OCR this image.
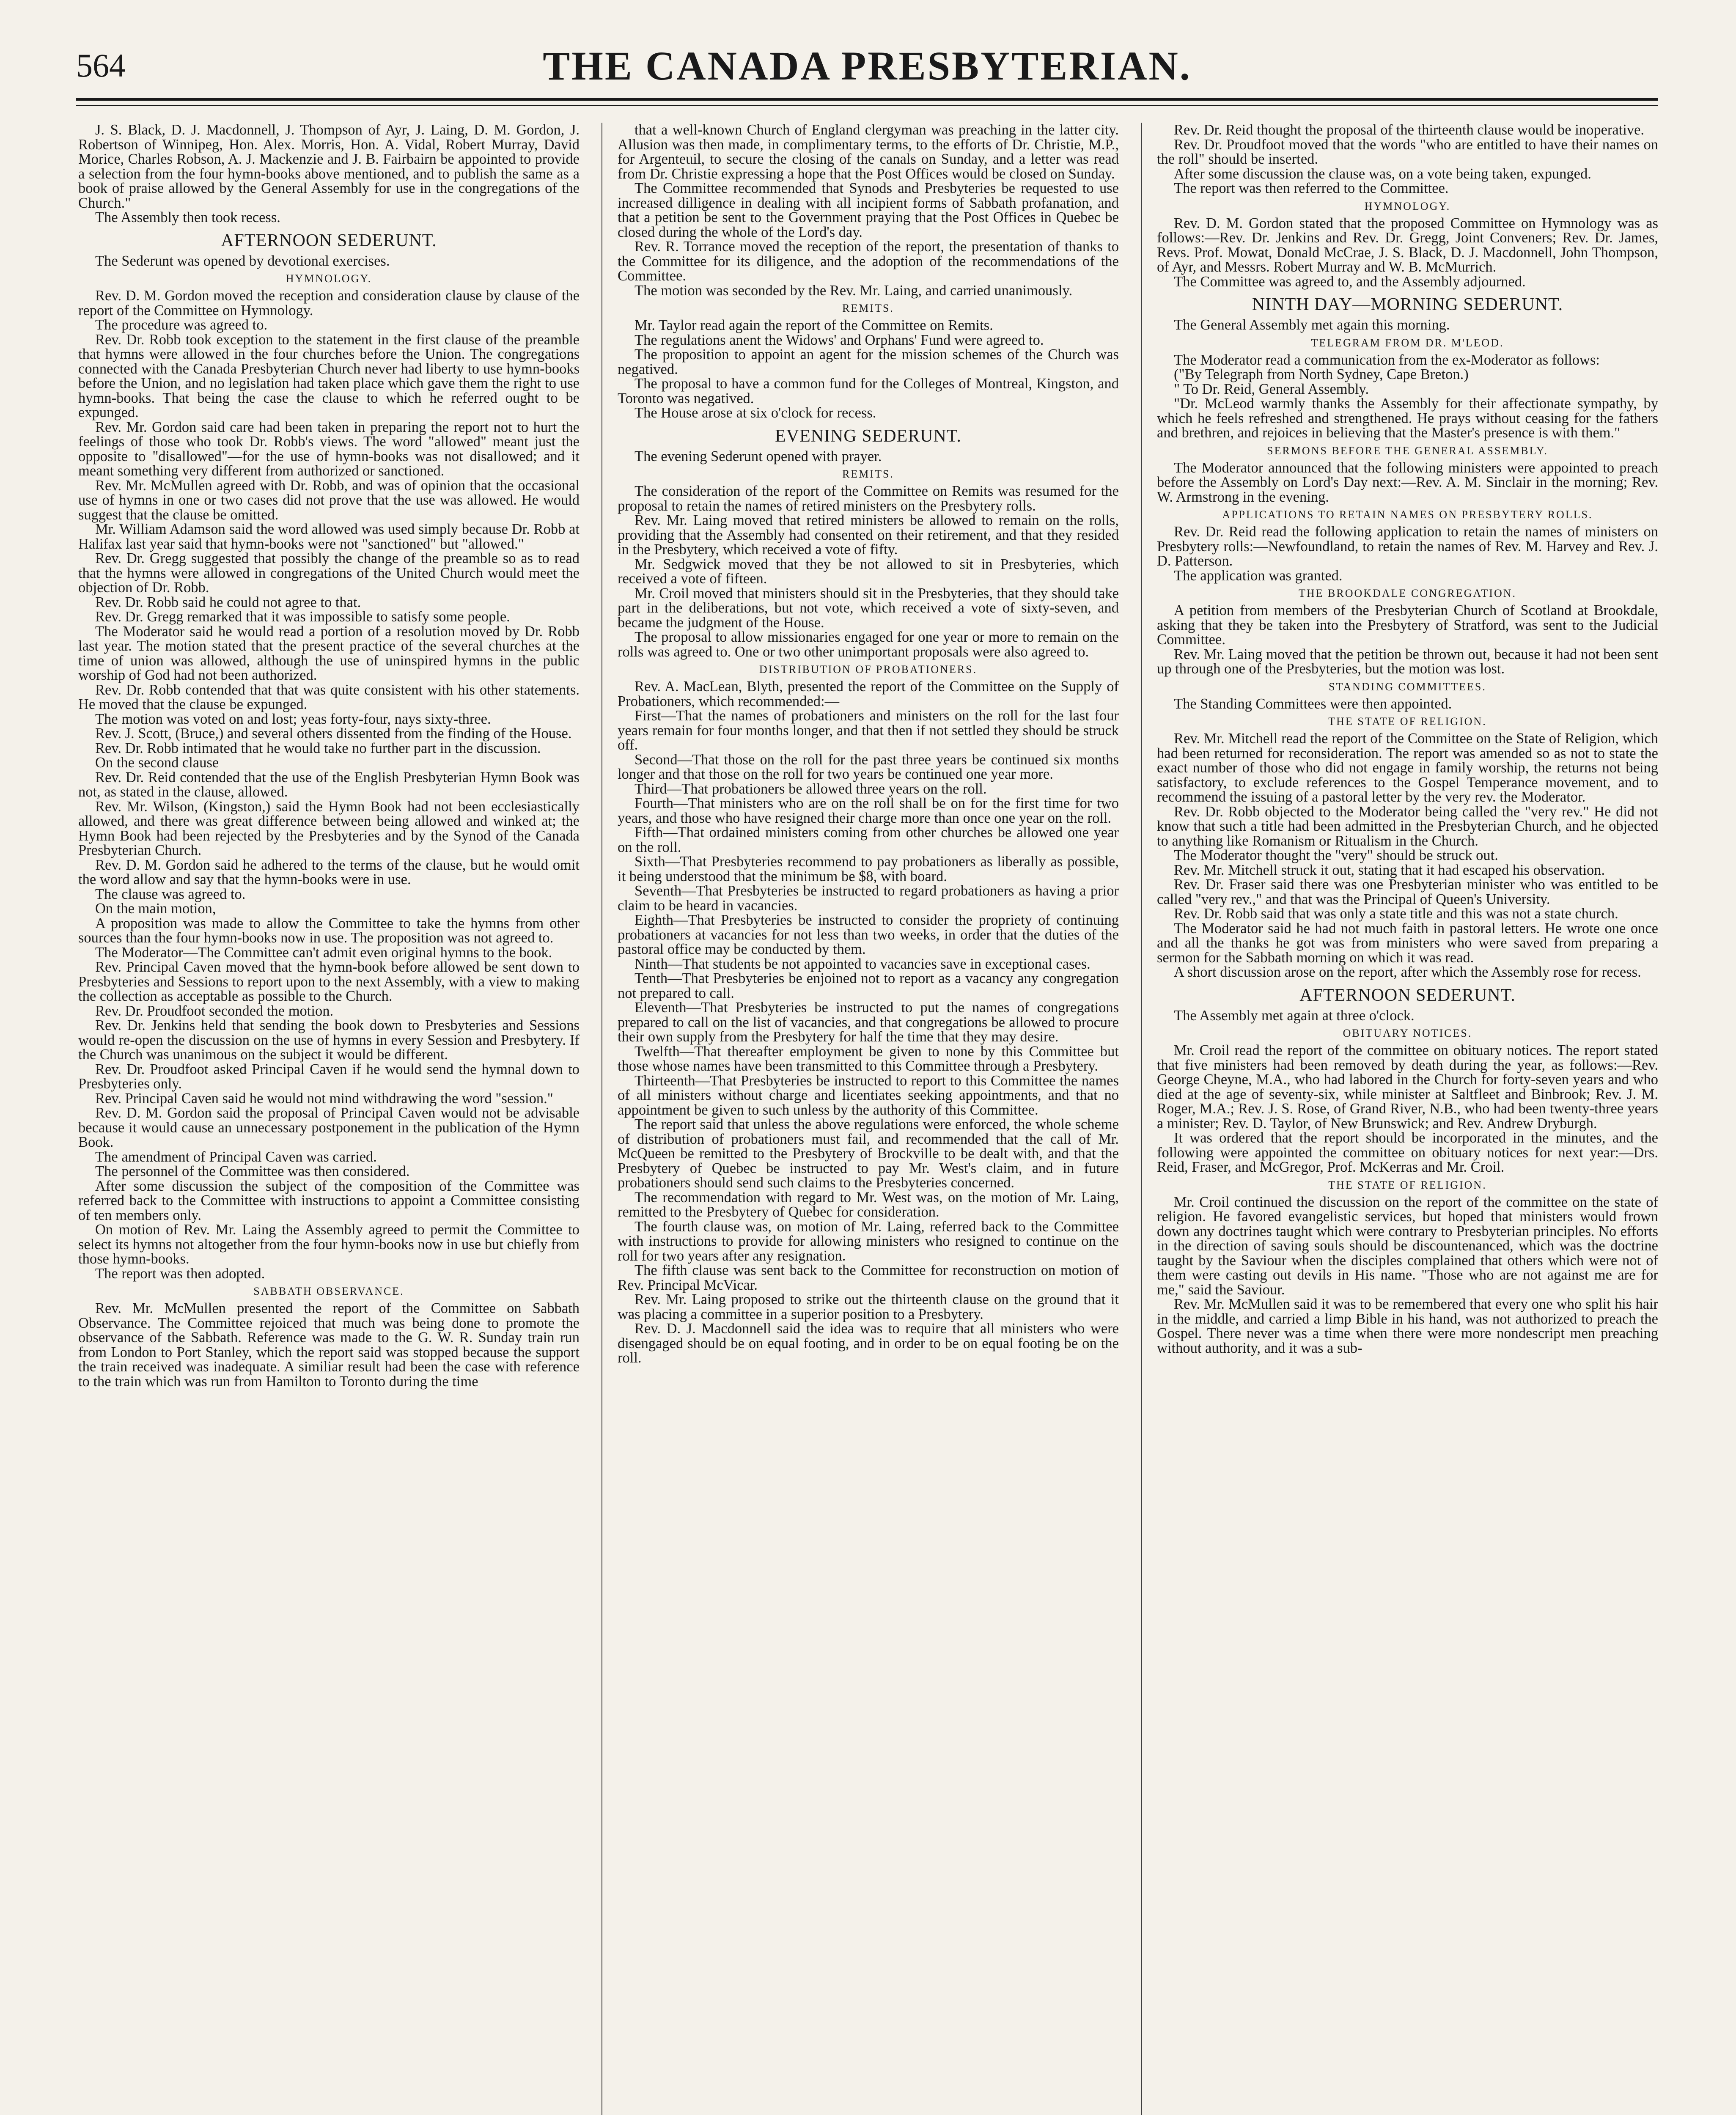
564	THE CANADA PRESBYTERIAN.

J. S. Black, D. J. Macdonnell, J. Thompson of Ayr, J. Laing, D. M. Gordon, J. Robertson of Winnipeg, Hon. Alex. Morris, Hon. A. Vidal, Robert Murray, David Morice, Charles Robson, A. J. Mackenzie and J. B. Fairbairn be appointed to provide a selection from the four hymn-books above mentioned, and to publish the same as a book of praise allowed by the General Assembly for use in the congregations of the Church."

The Assembly then took recess.

AFTERNOON SEDERUNT.

The Sederunt was opened by devotional exercises.

HYMNOLOGY.

Rev. D. M. Gordon moved the reception and consideration clause by clause of the report of the Committee on Hymnology.

The procedure was agreed to.

Rev. Dr. Robb took exception to the statement in the first clause of the preamble that hymns were allowed in the four churches before the Union. The congregations connected with the Canada Presbyterian Church never had liberty to use hymn-books before the Union, and no legislation had taken place which gave them the right to use hymn-books. That being the case the clause to which he referred ought to be expunged.

Rev. Mr. Gordon said care had been taken in preparing the report not to hurt the feelings of those who took Dr. Robb's views. The word "allowed" meant just the opposite to "disallowed"—for the use of hymn-books was not disallowed; and it meant something very different from authorized or sanctioned.

Rev. Mr. McMullen agreed with Dr. Robb, and was of opinion that the occasional use of hymns in one or two cases did not prove that the use was allowed. He would suggest that the clause be omitted.

Mr. William Adamson said the word allowed was used simply because Dr. Robb at Halifax last year said that hymn-books were not "sanctioned" but "allowed."

Rev. Dr. Gregg suggested that possibly the change of the preamble so as to read that the hymns were allowed in congregations of the United Church would meet the objection of Dr. Robb.

Rev. Dr. Robb said he could not agree to that.

Rev. Dr. Gregg remarked that it was impossible to satisfy some people.

The Moderator said he would read a portion of a resolution moved by Dr. Robb last year. The motion stated that the present practice of the several churches at the time of union was allowed, although the use of uninspired hymns in the public worship of God had not been authorized.

Rev. Dr. Robb contended that that was quite consistent with his other statements. He moved that the clause be expunged.

The motion was voted on and lost; yeas forty-four, nays sixty-three.

Rev. J. Scott, (Bruce,) and several others dissented from the finding of the House.

Rev. Dr. Robb intimated that he would take no further part in the discussion.

On the second clause

Rev. Dr. Reid contended that the use of the English Presbyterian Hymn Book was not, as stated in the clause, allowed.

Rev. Mr. Wilson, (Kingston,) said the Hymn Book had not been ecclesiastically allowed, and there was great difference between being allowed and winked at; the Hymn Book had been rejected by the Presbyteries and by the Synod of the Canada Presbyterian Church.

Rev. D. M. Gordon said he adhered to the terms of the clause, but he would omit the word allow and say that the hymn-books were in use.

The clause was agreed to.

On the main motion,

A proposition was made to allow the Committee to take the hymns from other sources than the four hymn-books now in use. The proposition was not agreed to.

The Moderator—The Committee can't admit even original hymns to the book.

Rev. Principal Caven moved that the hymn-book before allowed be sent down to Presbyteries and Sessions to report upon to the next Assembly, with a view to making the collection as acceptable as possible to the Church.

Rev. Dr. Proudfoot seconded the motion.

Rev. Dr. Jenkins held that sending the book down to Presbyteries and Sessions would re-open the discussion on the use of hymns in every Session and Presbytery. If the Church was unanimous on the subject it would be different.

Rev. Dr. Proudfoot asked Principal Caven if he would send the hymnal down to Presbyteries only.

Rev. Principal Caven said he would not mind withdrawing the word "session."

Rev. D. M. Gordon said the proposal of Principal Caven would not be advisable because it would cause an unnecessary postponement in the publication of the Hymn Book.

The amendment of Principal Caven was carried.

The personnel of the Committee was then considered.

After some discussion the subject of the composition of the Committee was referred back to the Committee with instructions to appoint a Committee consisting of ten members only.

On motion of Rev. Mr. Laing the Assembly agreed to permit the Committee to select its hymns not altogether from the four hymn-books now in use but chiefly from those hymn-books.

The report was then adopted.

SABBATH OBSERVANCE.

Rev. Mr. McMullen presented the report of the Committee on Sabbath Observance. The Committee rejoiced that much was being done to promote the observance of the Sabbath. Reference was made to the G. W. R. Sunday train run from London to Port Stanley, which the report said was stopped because the support the train received was inadequate. A similiar result had been the case with reference to the train which was run from Hamilton to Toronto during the time

that a well-known Church of England clergyman was preaching in the latter city. Allusion was then made, in complimentary terms, to the efforts of Dr. Christie, M.P., for Argenteuil, to secure the closing of the canals on Sunday, and a letter was read from Dr. Christie expressing a hope that the Post Offices would be closed on Sunday.

The Committee recommended that Synods and Presbyteries be requested to use increased dilligence in dealing with all incipient forms of Sabbath profanation, and that a petition be sent to the Government praying that the Post Offices in Quebec be closed during the whole of the Lord's day.

Rev. R. Torrance moved the reception of the report, the presentation of thanks to the Committee for its diligence, and the adoption of the recommendations of the Committee.

The motion was seconded by the Rev. Mr. Laing, and carried unanimously.

REMITS.

Mr. Taylor read again the report of the Committee on Remits.

The regulations anent the Widows' and Orphans' Fund were agreed to.

The proposition to appoint an agent for the mission schemes of the Church was negatived.

The proposal to have a common fund for the Colleges of Montreal, Kingston, and Toronto was negatived.

The House arose at six o'clock for recess.

EVENING SEDERUNT.

The evening Sederunt opened with prayer.

REMITS.

The consideration of the report of the Committee on Remits was resumed for the proposal to retain the names of retired ministers on the Presbytery rolls.

Rev. Mr. Laing moved that retired ministers be allowed to remain on the rolls, providing that the Assembly had consented on their retirement, and that they resided in the Presbytery, which received a vote of fifty.

Mr. Sedgwick moved that they be not allowed to sit in Presbyteries, which received a vote of fifteen.

Mr. Croil moved that ministers should sit in the Presbyteries, that they should take part in the deliberations, but not vote, which received a vote of sixty-seven, and became the judgment of the House.

The proposal to allow missionaries engaged for one year or more to remain on the rolls was agreed to. One or two other unimportant proposals were also agreed to.

DISTRIBUTION OF PROBATIONERS.

Rev. A. MacLean, Blyth, presented the report of the Committee on the Supply of Probationers, which recommended:—

First—That the names of probationers and ministers on the roll for the last four years remain for four months longer, and that then if not settled they should be struck off.

Second—That those on the roll for the past three years be continued six months longer and that those on the roll for two years be continued one year more.

Third—That probationers be allowed three years on the roll.

Fourth—That ministers who are on the roll shall be on for the first time for two years, and those who have resigned their charge more than once one year on the roll.

Fifth—That ordained ministers coming from other churches be allowed one year on the roll.

Sixth—That Presbyteries recommend to pay probationers as liberally as possible, it being understood that the minimum be $8, with board.

Seventh—That Presbyteries be instructed to regard probationers as having a prior claim to be heard in vacancies.

Eighth—That Presbyteries be instructed to consider the propriety of continuing probationers at vacancies for not less than two weeks, in order that the duties of the pastoral office may be conducted by them.

Ninth—That students be not appointed to vacancies save in exceptional cases.

Tenth—That Presbyteries be enjoined not to report as a vacancy any congregation not prepared to call.

Eleventh—That Presbyteries be instructed to put the names of congregations prepared to call on the list of vacancies, and that congregations be allowed to procure their own supply from the Presbytery for half the time that they may desire.

Twelfth—That thereafter employment be given to none by this Committee but those whose names have been transmitted to this Committee through a Presbytery.

Thirteenth—That Presbyteries be instructed to report to this Committee the names of all ministers without charge and licentiates seeking appointments, and that no appointment be given to such unless by the authority of this Committee.

The report said that unless the above regulations were enforced, the whole scheme of distribution of probationers must fail, and recommended that the call of Mr. McQueen be remitted to the Presbytery of Brockville to be dealt with, and that the Presbytery of Quebec be instructed to pay Mr. West's claim, and in future probationers should send such claims to the Presbyteries concerned.

The recommendation with regard to Mr. West was, on the motion of Mr. Laing, remitted to the Presbytery of Quebec for consideration.

The fourth clause was, on motion of Mr. Laing, referred back to the Committee with instructions to provide for allowing ministers who resigned to continue on the roll for two years after any resignation.

The fifth clause was sent back to the Committee for reconstruction on motion of Rev. Principal McVicar.

Rev. Mr. Laing proposed to strike out the thirteenth clause on the ground that it was placing a committee in a superior position to a Presbytery.

Rev. D. J. Macdonnell said the idea was to require that all ministers who were disengaged should be on equal footing, and in order to be on equal footing be on the roll.

Rev. Dr. Reid thought the proposal of the thirteenth clause would be inoperative.

Rev. Dr. Proudfoot moved that the words "who are entitled to have their names on the roll" should be inserted.

After some discussion the clause was, on a vote being taken, expunged.

The report was then referred to the Committee.

HYMNOLOGY.

Rev. D. M. Gordon stated that the proposed Committee on Hymnology was as follows:—Rev. Dr. Jenkins and Rev. Dr. Gregg, Joint Conveners; Rev. Dr. James, Revs. Prof. Mowat, Donald McCrae, J. S. Black, D. J. Macdonnell, John Thompson, of Ayr, and Messrs. Robert Murray and W. B. McMurrich.

The Committee was agreed to, and the Assembly adjourned.

NINTH DAY—MORNING SEDERUNT.

The General Assembly met again this morning.

TELEGRAM FROM DR. M'LEOD.

The Moderator read a communication from the ex-Moderator as follows:

("By Telegraph from North Sydney, Cape Breton.)

" To Dr. Reid, General Assembly.

"Dr. McLeod warmly thanks the Assembly for their affectionate sympathy, by which he feels refreshed and strengthened. He prays without ceasing for the fathers and brethren, and rejoices in believing that the Master's presence is with them."

SERMONS BEFORE THE GENERAL ASSEMBLY.

The Moderator announced that the following ministers were appointed to preach before the Assembly on Lord's Day next:—Rev. A. M. Sinclair in the morning; Rev. W. Armstrong in the evening.

APPLICATIONS TO RETAIN NAMES ON PRESBYTERY ROLLS.

Rev. Dr. Reid read the following application to retain the names of ministers on Presbytery rolls:—Newfoundland, to retain the names of Rev. M. Harvey and Rev. J. D. Patterson.

The application was granted.

THE BROOKDALE CONGREGATION.

A petition from members of the Presbyterian Church of Scotland at Brookdale, asking that they be taken into the Presbytery of Stratford, was sent to the Judicial Committee.

Rev. Mr. Laing moved that the petition be thrown out, because it had not been sent up through one of the Presbyteries, but the motion was lost.

STANDING COMMITTEES.

The Standing Committees were then appointed.

THE STATE OF RELIGION.

Rev. Mr. Mitchell read the report of the Committee on the State of Religion, which had been returned for reconsideration. The report was amended so as not to state the exact number of those who did not engage in family worship, the returns not being satisfactory, to exclude references to the Gospel Temperance movement, and to recommend the issuing of a pastoral letter by the very rev. the Moderator.

Rev. Dr. Robb objected to the Moderator being called the "very rev." He did not know that such a title had been admitted in the Presbyterian Church, and he objected to anything like Romanism or Ritualism in the Church.

The Moderator thought the "very" should be struck out.

Rev. Mr. Mitchell struck it out, stating that it had escaped his observation.

Rev. Dr. Fraser said there was one Presbyterian minister who was entitled to be called "very rev.," and that was the Principal of Queen's University.

Rev. Dr. Robb said that was only a state title and this was not a state church.

The Moderator said he had not much faith in pastoral letters. He wrote one once and all the thanks he got was from ministers who were saved from preparing a sermon for the Sabbath morning on which it was read.

A short discussion arose on the report, after which the Assembly rose for recess.

AFTERNOON SEDERUNT.

The Assembly met again at three o'clock.

OBITUARY NOTICES.

Mr. Croil read the report of the committee on obituary notices. The report stated that five ministers had been removed by death during the year, as follows:—Rev. George Cheyne, M.A., who had labored in the Church for forty-seven years and who died at the age of seventy-six, while minister at Saltfleet and Binbrook; Rev. J. M. Roger, M.A.; Rev. J. S. Rose, of Grand River, N.B., who had been twenty-three years a minister; Rev. D. Taylor, of New Brunswick; and Rev. Andrew Dryburgh.

It was ordered that the report should be incorporated in the minutes, and the following were appointed the committee on obituary notices for next year:—Drs. Reid, Fraser, and McGregor, Prof. McKerras and Mr. Croil.

THE STATE OF RELIGION.

Mr. Croil continued the discussion on the report of the committee on the state of religion. He favored evangelistic services, but hoped that ministers would frown down any doctrines taught which were contrary to Presbyterian principles. No efforts in the direction of saving souls should be discountenanced, which was the doctrine taught by the Saviour when the disciples complained that others which were not of them were casting out devils in His name. "Those who are not against me are for me," said the Saviour.

Rev. Mr. McMullen said it was to be remembered that every one who split his hair in the middle, and carried a limp Bible in his hand, was not authorized to preach the Gospel. There never was a time when there were more nondescript men preaching without authority, and it was a sub-
